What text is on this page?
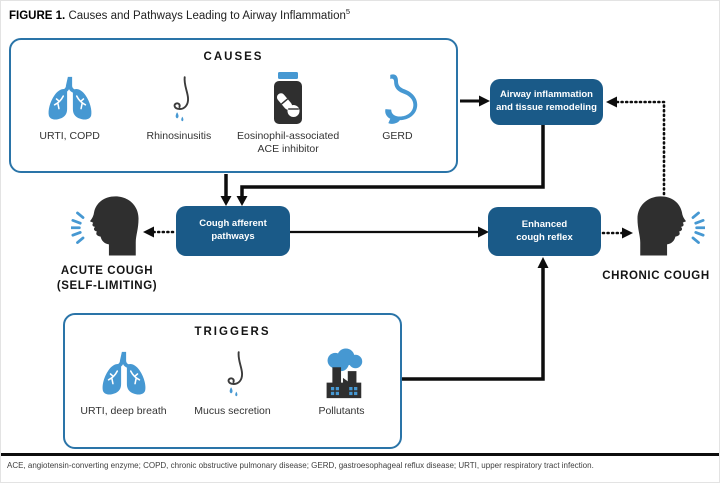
FIGURE 1. Causes and Pathways Leading to Airway Inflammation$^5$
CAUSES
URTI, COPD	Rhinosinusitis	Eosinophil-associated ACE inhibitor
GERD
Airway inflammation
and tissue remodeling
Cough afferent
pathways
Enhanced
cough reflex
ACUTE COUGH
(SELF-LIMITING)
CHRONIC COUGH
TRIGGERS
URTI, deep breath	Mucus secretion	Pollutants
ACE, angiotensin-converting enzyme; COPD, chronic obstructive pulmonary disease; GERD, gastroesophageal reflux disease; URTI, upper respiratory tract infection.
